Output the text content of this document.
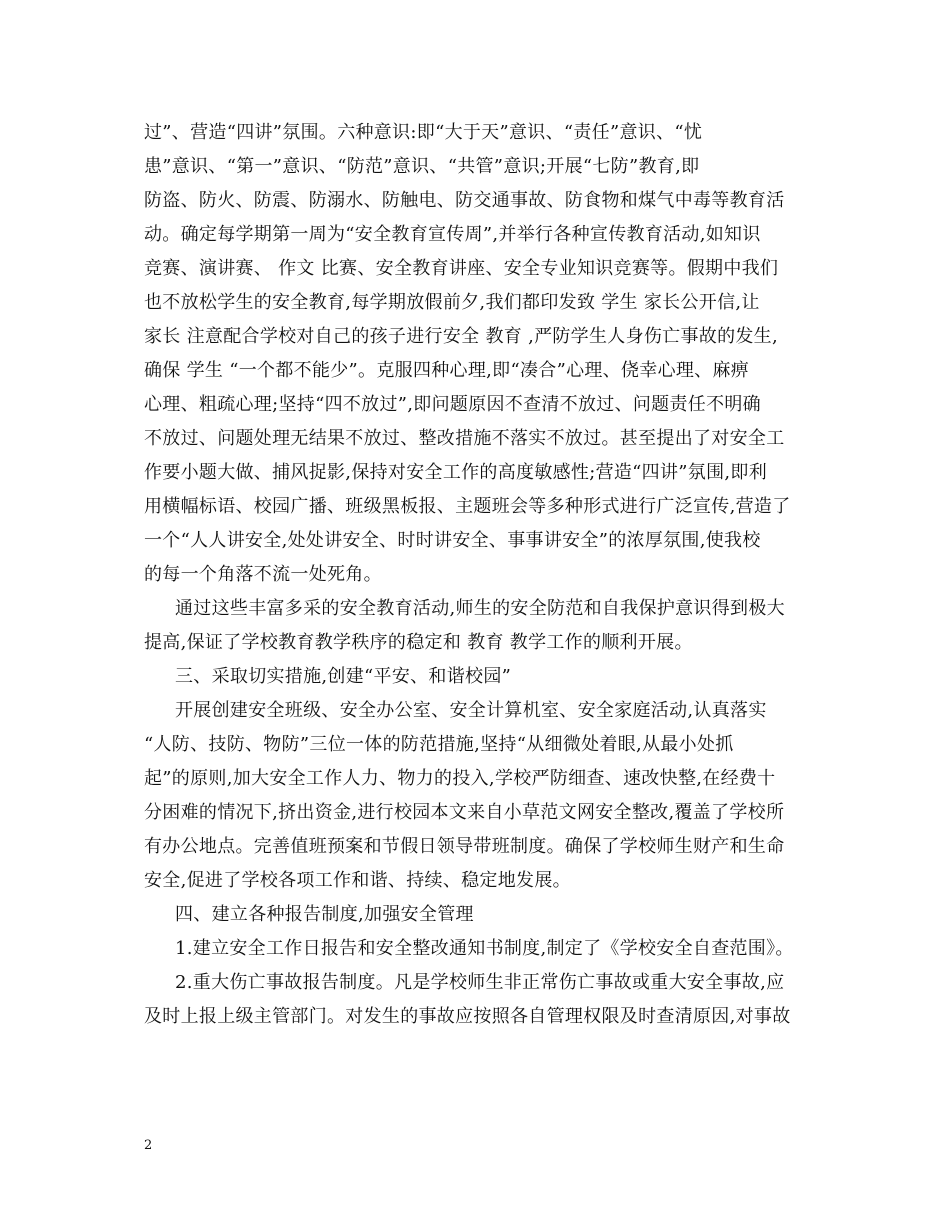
过”、营造“四讲”氛围。六种意识:即“大于天”意识、“责任”意识、“忧
患”意识、“第一”意识、“防范”意识、“共管”意识;开展“七防”教育,即
防盗、防火、防震、防溺水、防触电、防交通事故、防食物和煤气中毒等教育活
动。确定每学期第一周为“安全教育宣传周”,并举行各种宣传教育活动,如知识
竞赛、演讲赛、 作文 比赛、安全教育讲座、安全专业知识竞赛等。假期中我们
也不放松学生的安全教育,每学期放假前夕,我们都印发致 学生 家长公开信,让
家长 注意配合学校对自己的孩子进行安全 教育 ,严防学生人身伤亡事故的发生,
确保 学生 “一个都不能少”。克服四种心理,即“凑合”心理、侥幸心理、麻痹
心理、粗疏心理;坚持“四不放过”,即问题原因不查清不放过、问题责任不明确
不放过、问题处理无结果不放过、整改措施不落实不放过。甚至提出了对安全工
作要小题大做、捕风捉影,保持对安全工作的高度敏感性;营造“四讲”氛围,即利
用横幅标语、校园广播、班级黑板报、主题班会等多种形式进行广泛宣传,营造了
一个“人人讲安全,处处讲安全、时时讲安全、事事讲安全”的浓厚氛围,使我校
的每一个角落不流一处死角。
通过这些丰富多采的安全教育活动,师生的安全防范和自我保护意识得到极大
提高,保证了学校教育教学秩序的稳定和 教育 教学工作的顺利开展。
三、采取切实措施,创建“平安、和谐校园”
开展创建安全班级、安全办公室、安全计算机室、安全家庭活动,认真落实
“人防、技防、物防”三位一体的防范措施,坚持“从细微处着眼,从最小处抓
起”的原则,加大安全工作人力、物力的投入,学校严防细查、速改快整,在经费十
分困难的情况下,挤出资金,进行校园本文来自小草范文网安全整改,覆盖了学校所
有办公地点。完善值班预案和节假日领导带班制度。确保了学校师生财产和生命
安全,促进了学校各项工作和谐、持续、稳定地发展。
四、建立各种报告制度,加强安全管理
1.建立安全工作日报告和安全整改通知书制度,制定了《学校安全自查范围》。
2.重大伤亡事故报告制度。凡是学校师生非正常伤亡事故或重大安全事故,应
及时上报上级主管部门。对发生的事故应按照各自管理权限及时查清原因,对事故
2
